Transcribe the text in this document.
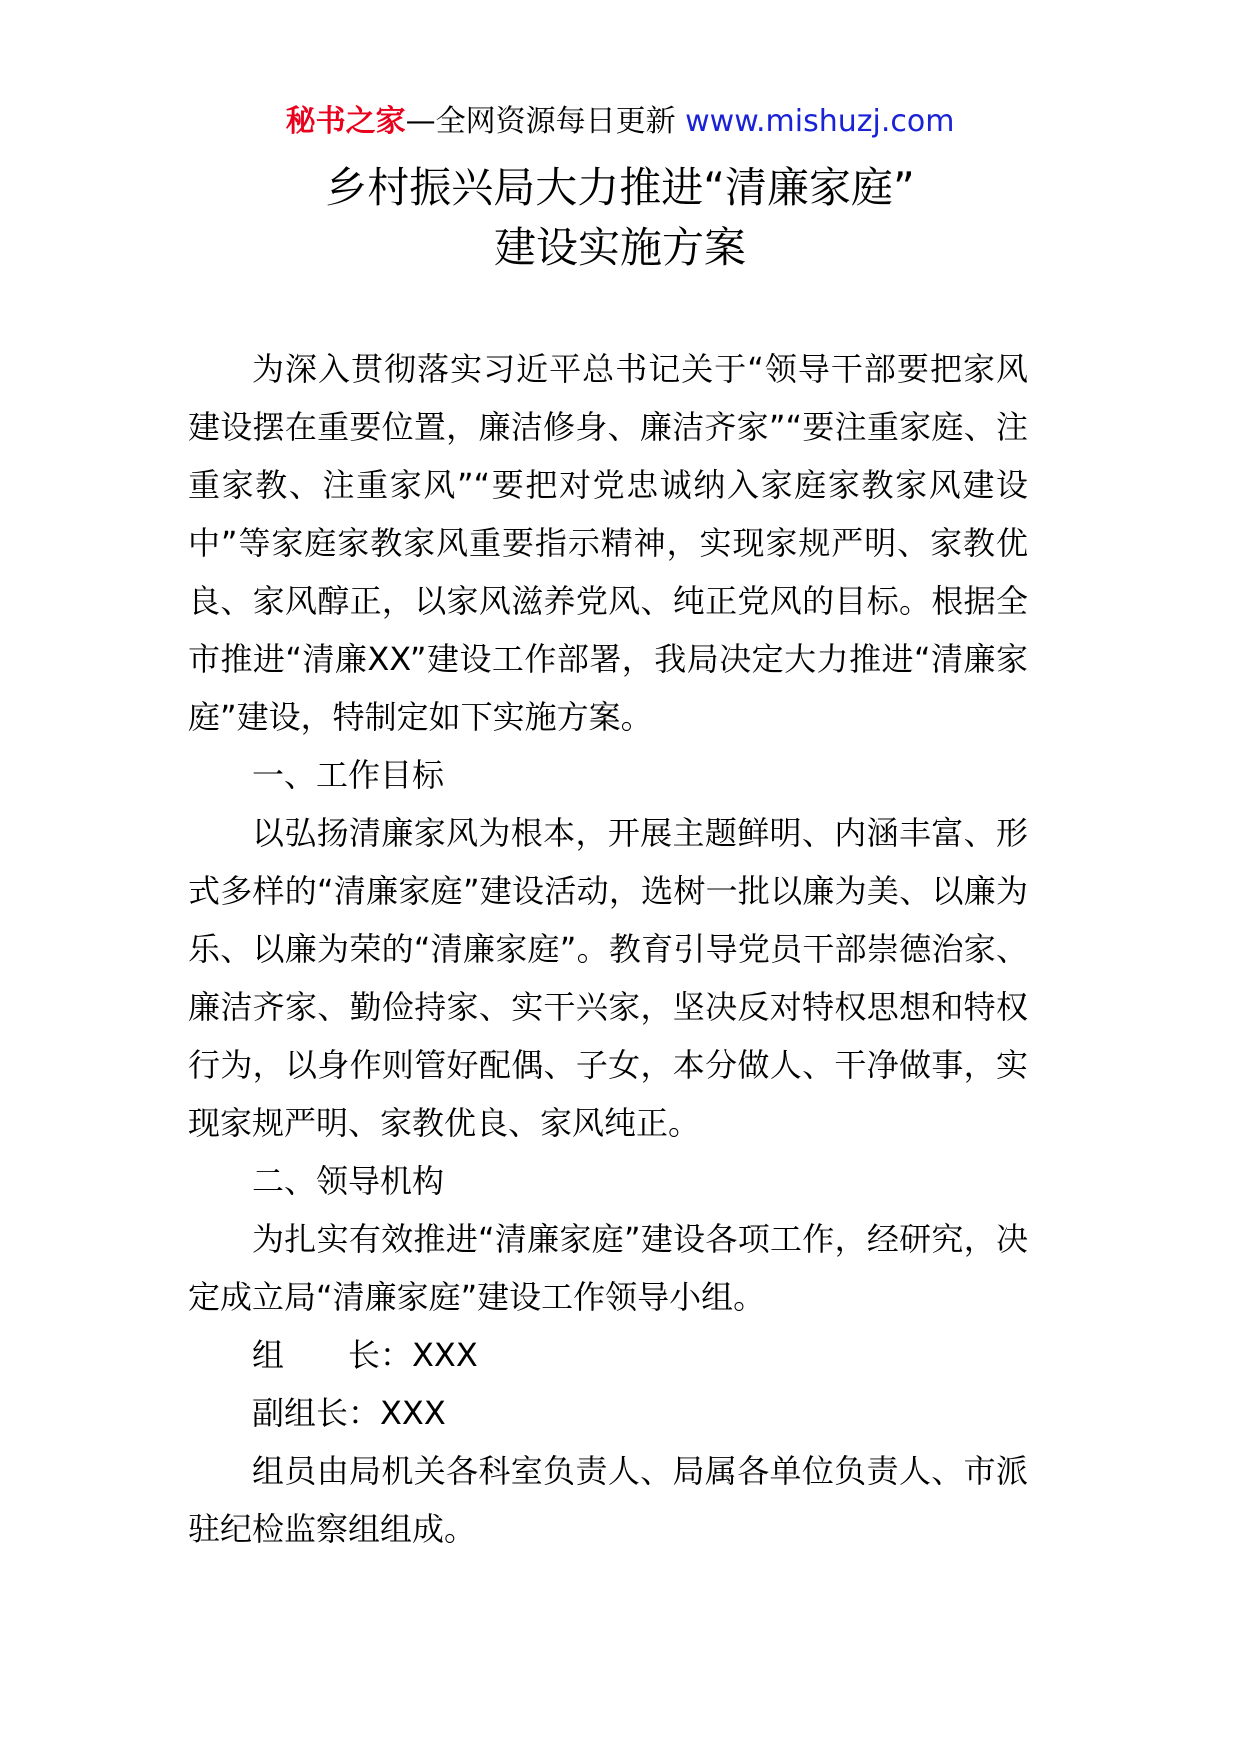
秘书之家—全网资源每日更新 www.mishuzj.com
乡村振兴局大力推进“清廉家庭”
建设实施方案

为深入贯彻落实习近平总书记关于“领导干部要把家风建设摆在重要位置，廉洁修身、廉洁齐家”“要注重家庭、注重家教、注重家风”“要把对党忠诚纳入家庭家教家风建设中”等家庭家教家风重要指示精神，实现家规严明、家教优良、家风醇正，以家风滋养党风、纯正党风的目标。根据全市推进“清廉XX”建设工作部署，我局决定大力推进“清廉家庭”建设，特制定如下实施方案。

一、工作目标

以弘扬清廉家风为根本，开展主题鲜明、内涵丰富、形式多样的“清廉家庭”建设活动，选树一批以廉为美、以廉为乐、以廉为荣的“清廉家庭”。教育引导党员干部崇德治家、廉洁齐家、勤俭持家、实干兴家，坚决反对特权思想和特权行为，以身作则管好配偶、子女，本分做人、干净做事，实现家规严明、家教优良、家风纯正。

二、领导机构

为扎实有效推进“清廉家庭”建设各项工作，经研究，决定成立局“清廉家庭”建设工作领导小组。

组　　长：XXX

副组长：XXX

组员由局机关各科室负责人、局属各单位负责人、市派驻纪检监察组组成。
